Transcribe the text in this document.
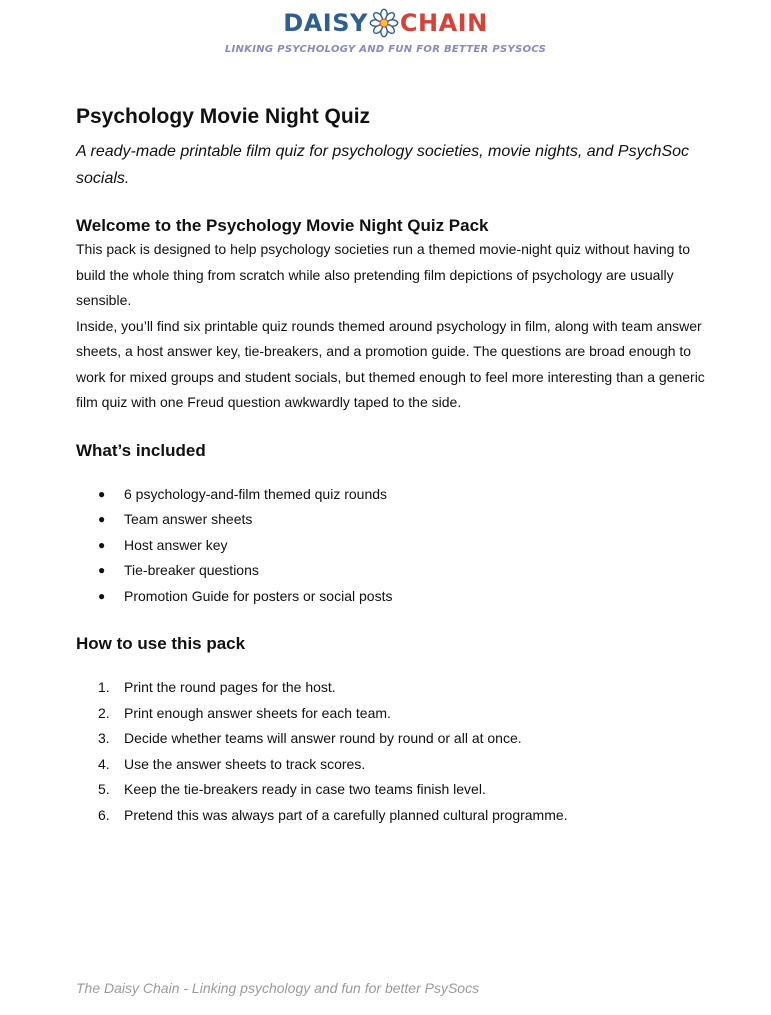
DAISY CHAIN
LINKING PSYCHOLOGY AND FUN FOR BETTER PSYSOCS
Psychology Movie Night Quiz

A ready-made printable film quiz for psychology societies, movie nights, and PsychSoc socials.

Welcome to the Psychology Movie Night Quiz Pack

This pack is designed to help psychology societies run a themed movie-night quiz without having to build the whole thing from scratch while also pretending film depictions of psychology are usually sensible.

Inside, you’ll find six printable quiz rounds themed around psychology in film, along with team answer sheets, a host answer key, tie-breakers, and a promotion guide. The questions are broad enough to work for mixed groups and student socials, but themed enough to feel more interesting than a generic film quiz with one Freud question awkwardly taped to the side.

What’s included
● 6 psychology-and-film themed quiz rounds
● Team answer sheets
● Host answer key
● Tie-breaker questions
● Promotion Guide for posters or social posts
How to use this pack
1. Print the round pages for the host.
2. Print enough answer sheets for each team.
3. Decide whether teams will answer round by round or all at once.
4. Use the answer sheets to track scores.
5. Keep the tie-breakers ready in case two teams finish level.
6. Pretend this was always part of a carefully planned cultural programme.
The Daisy Chain - Linking psychology and fun for better PsySocs
